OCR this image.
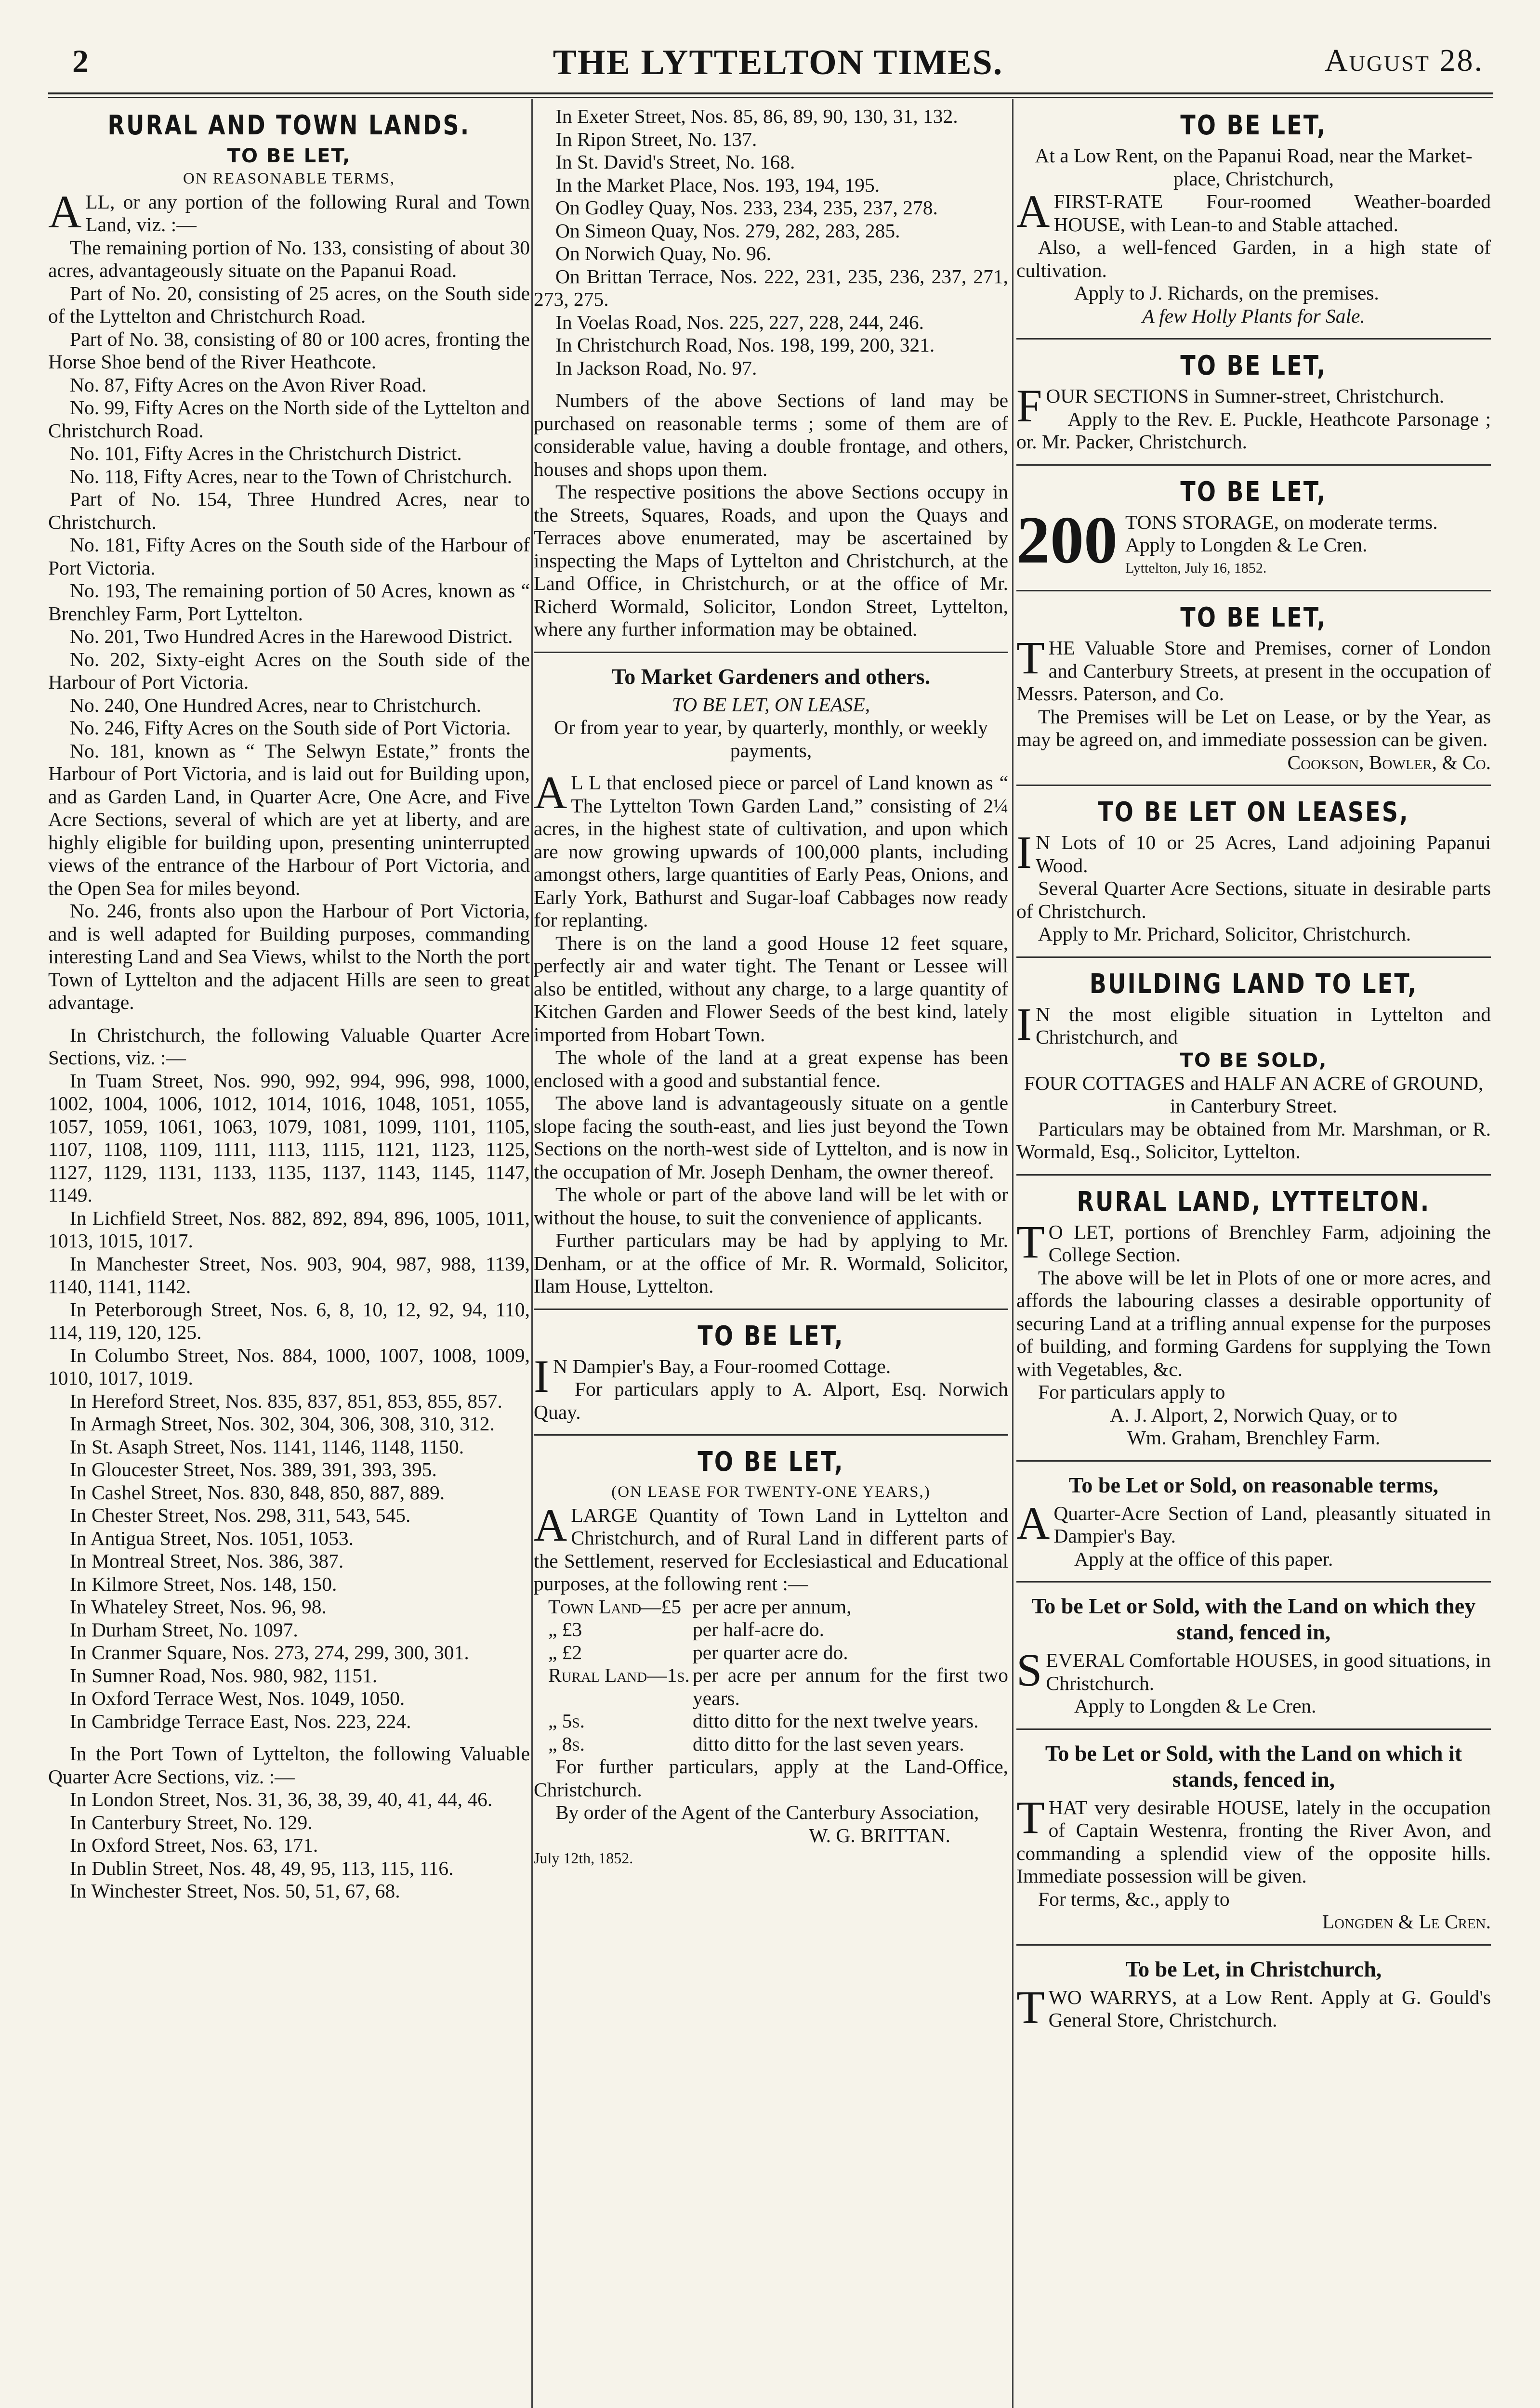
2	THE LYTTELTON TIMES.	August 28.
RURAL AND TOWN LANDS.
TO BE LET,
ON REASONABLE TERMS,

ALL, or any portion of the following Rural and Town Land, viz. :—

The remaining portion of No. 133, consisting of about 30 acres, advantageously situate on the Papanui Road.

Part of No. 20, consisting of 25 acres, on the South side of the Lyttelton and Christchurch Road.

Part of No. 38, consisting of 80 or 100 acres, fronting the Horse Shoe bend of the River Heathcote.

No. 87, Fifty Acres on the Avon River Road.

No. 99, Fifty Acres on the North side of the Lyttelton and Christchurch Road.

No. 101, Fifty Acres in the Christchurch District.

No. 118, Fifty Acres, near to the Town of Christchurch.

Part of No. 154, Three Hundred Acres, near to Christchurch.

No. 181, Fifty Acres on the South side of the Harbour of Port Victoria.

No. 193, The remaining portion of 50 Acres, known as “ Brenchley Farm, Port Lyttelton.

No. 201, Two Hundred Acres in the Harewood District.

No. 202, Sixty-eight Acres on the South side of the Harbour of Port Victoria.

No. 240, One Hundred Acres, near to Christchurch.

No. 246, Fifty Acres on the South side of Port Victoria.

No. 181, known as “ The Selwyn Estate,” fronts the Harbour of Port Victoria, and is laid out for Building upon, and as Garden Land, in Quarter Acre, One Acre, and Five Acre Sections, several of which are yet at liberty, and are highly eligible for building upon, presenting uninterrupted views of the entrance of the Harbour of Port Victoria, and the Open Sea for miles beyond.

No. 246, fronts also upon the Harbour of Port Victoria, and is well adapted for Building purposes, commanding interesting Land and Sea Views, whilst to the North the port Town of Lyttelton and the adjacent Hills are seen to great advantage.

In Christchurch, the following Valuable Quarter Acre Sections, viz. :—

In Tuam Street, Nos. 990, 992, 994, 996, 998, 1000, 1002, 1004, 1006, 1012, 1014, 1016, 1048, 1051, 1055, 1057, 1059, 1061, 1063, 1079, 1081, 1099, 1101, 1105, 1107, 1108, 1109, 1111, 1113, 1115, 1121, 1123, 1125, 1127, 1129, 1131, 1133, 1135, 1137, 1143, 1145, 1147, 1149.

In Lichfield Street, Nos. 882, 892, 894, 896, 1005, 1011, 1013, 1015, 1017.

In Manchester Street, Nos. 903, 904, 987, 988, 1139, 1140, 1141, 1142.

In Peterborough Street, Nos. 6, 8, 10, 12, 92, 94, 110, 114, 119, 120, 125.

In Columbo Street, Nos. 884, 1000, 1007, 1008, 1009, 1010, 1017, 1019.

In Hereford Street, Nos. 835, 837, 851, 853, 855, 857.

In Armagh Street, Nos. 302, 304, 306, 308, 310, 312.

In St. Asaph Street, Nos. 1141, 1146, 1148, 1150.

In Gloucester Street, Nos. 389, 391, 393, 395.

In Cashel Street, Nos. 830, 848, 850, 887, 889.

In Chester Street, Nos. 298, 311, 543, 545.

In Antigua Street, Nos. 1051, 1053.

In Montreal Street, Nos. 386, 387.

In Kilmore Street, Nos. 148, 150.

In Whateley Street, Nos. 96, 98.

In Durham Street, No. 1097.

In Cranmer Square, Nos. 273, 274, 299, 300, 301.

In Sumner Road, Nos. 980, 982, 1151.

In Oxford Terrace West, Nos. 1049, 1050.

In Cambridge Terrace East, Nos. 223, 224.

In the Port Town of Lyttelton, the following Valuable Quarter Acre Sections, viz. :—

In London Street, Nos. 31, 36, 38, 39, 40, 41, 44, 46.

In Canterbury Street, No. 129.

In Oxford Street, Nos. 63, 171.

In Dublin Street, Nos. 48, 49, 95, 113, 115, 116.

In Winchester Street, Nos. 50, 51, 67, 68.

In Exeter Street, Nos. 85, 86, 89, 90, 130, 31, 132.

In Ripon Street, No. 137.

In St. David's Street, No. 168.

In the Market Place, Nos. 193, 194, 195.

On Godley Quay, Nos. 233, 234, 235, 237, 278.

On Simeon Quay, Nos. 279, 282, 283, 285.

On Norwich Quay, No. 96.

On Brittan Terrace, Nos. 222, 231, 235, 236, 237, 271, 273, 275.

In Voelas Road, Nos. 225, 227, 228, 244, 246.

In Christchurch Road, Nos. 198, 199, 200, 321.

In Jackson Road, No. 97.

Numbers of the above Sections of land may be purchased on reasonable terms ; some of them are of considerable value, having a double frontage, and others, houses and shops upon them.

The respective positions the above Sections occupy in the Streets, Squares, Roads, and upon the Quays and Terraces above enumerated, may be ascertained by inspecting the Maps of Lyttelton and Christchurch, at the Land Office, in Christchurch, or at the office of Mr. Richerd Wormald, Solicitor, London Street, Lyttelton, where any further information may be obtained.

To Market Gardeners and others.

TO BE LET, ON LEASE,

Or from year to year, by quarterly, monthly, or weekly payments,

A L L that enclosed piece or parcel of Land known as “ The Lyttelton Town Garden Land,” consisting of 2¼ acres, in the highest state of cultivation, and upon which are now growing upwards of 100,000 plants, including amongst others, large quantities of Early Peas, Onions, and Early York, Bathurst and Sugar-loaf Cabbages now ready for replanting.

There is on the land a good House 12 feet square, perfectly air and water tight. The Tenant or Lessee will also be entitled, without any charge, to a large quantity of Kitchen Garden and Flower Seeds of the best kind, lately imported from Hobart Town.

The whole of the land at a great expense has been enclosed with a good and substantial fence.

The above land is advantageously situate on a gentle slope facing the south-east, and lies just beyond the Town Sections on the north-west side of Lyttelton, and is now in the occupation of Mr. Joseph Denham, the owner thereof.

The whole or part of the above land will be let with or without the house, to suit the convenience of applicants.

Further particulars may be had by applying to Mr. Denham, or at the office of Mr. R. Wormald, Solicitor, Ilam House, Lyttelton.

TO BE LET,

I N Dampier's Bay, a Four-roomed Cottage.

For particulars apply to A. Alport, Esq. Norwich Quay.

TO BE LET,
(ON LEASE FOR TWENTY-ONE YEARS,)

ALARGE Quantity of Town Land in Lyttelton and Christchurch, and of Rural Land in different parts of the Settlement, reserved for Ecclesiastical and Educational purposes, at the following rent :—

Town Land—£5 per acre per annum,
„ £3	per half-acre do.
„ £2	per quarter acre do.
Rural Land—1s. per acre per annum for the first two years.
„ 5s.	ditto ditto for the next twelve years.
„ 8s.	ditto ditto for the last seven years.

For further particulars, apply at the Land-Office, Christchurch.

By order of the Agent of the Canterbury Association,

W. G. BRITTAN.

July 12th, 1852.

TO BE LET,

At a Low Rent, on the Papanui Road, near the Market-place, Christchurch,

AFIRST-RATE Four-roomed Weather-boarded HOUSE, with Lean-to and Stable attached.

Also, a well-fenced Garden, in a high state of cultivation.

Apply to J. Richards, on the premises.

A few Holly Plants for Sale.

TO BE LET,

FOUR SECTIONS in Sumner-street, Christchurch.

Apply to the Rev. E. Puckle, Heathcote Parsonage ; or. Mr. Packer, Christchurch.

TO BE LET,

200 TONS STORAGE, on moderate terms.

Apply to Longden & Le Cren.

Lyttelton, July 16, 1852.

TO BE LET,

THE Valuable Store and Premises, corner of London and Canterbury Streets, at present in the occupation of Messrs. Paterson, and Co.

The Premises will be Let on Lease, or by the Year, as may be agreed on, and immediate possession can be given.

Cookson, Bowler, & Co.

TO BE LET ON LEASES,

I N Lots of 10 or 25 Acres, Land adjoining Papanui Wood.

Several Quarter Acre Sections, situate in desirable parts of Christchurch.

Apply to Mr. Prichard, Solicitor, Christchurch.

BUILDING LAND TO LET,

I N the most eligible situation in Lyttelton and Christchurch, and

TO BE SOLD,

FOUR COTTAGES and HALF AN ACRE of GROUND, in Canterbury Street.

Particulars may be obtained from Mr. Marshman, or R. Wormald, Esq., Solicitor, Lyttelton.

RURAL LAND, LYTTELTON.

T O LET, portions of Brenchley Farm, adjoining the College Section.

The above will be let in Plots of one or more acres, and affords the labouring classes a desirable opportunity of securing Land at a trifling annual expense for the purposes of building, and forming Gardens for supplying the Town with Vegetables, &c.

For particulars apply to

A. J. Alport, 2, Norwich Quay, or to

Wm. Graham, Brenchley Farm.

To be Let or Sold, on reasonable terms,

A Quarter-Acre Section of Land, pleasantly situated in Dampier's Bay.

Apply at the office of this paper.

To be Let or Sold, with the Land on which they stand, fenced in,

SEVERAL Comfortable HOUSES, in good situations, in Christchurch.

Apply to Longden & Le Cren.

To be Let or Sold, with the Land on which it stands, fenced in,

THAT very desirable HOUSE, lately in the occupation of Captain Westenra, fronting the River Avon, and commanding a splendid view of the opposite hills. Immediate possession will be given.

For terms, &c., apply to

Longden & Le Cren.

To be Let, in Christchurch,

TWO WARRYS, at a Low Rent. Apply at G. Gould's General Store, Christchurch.
